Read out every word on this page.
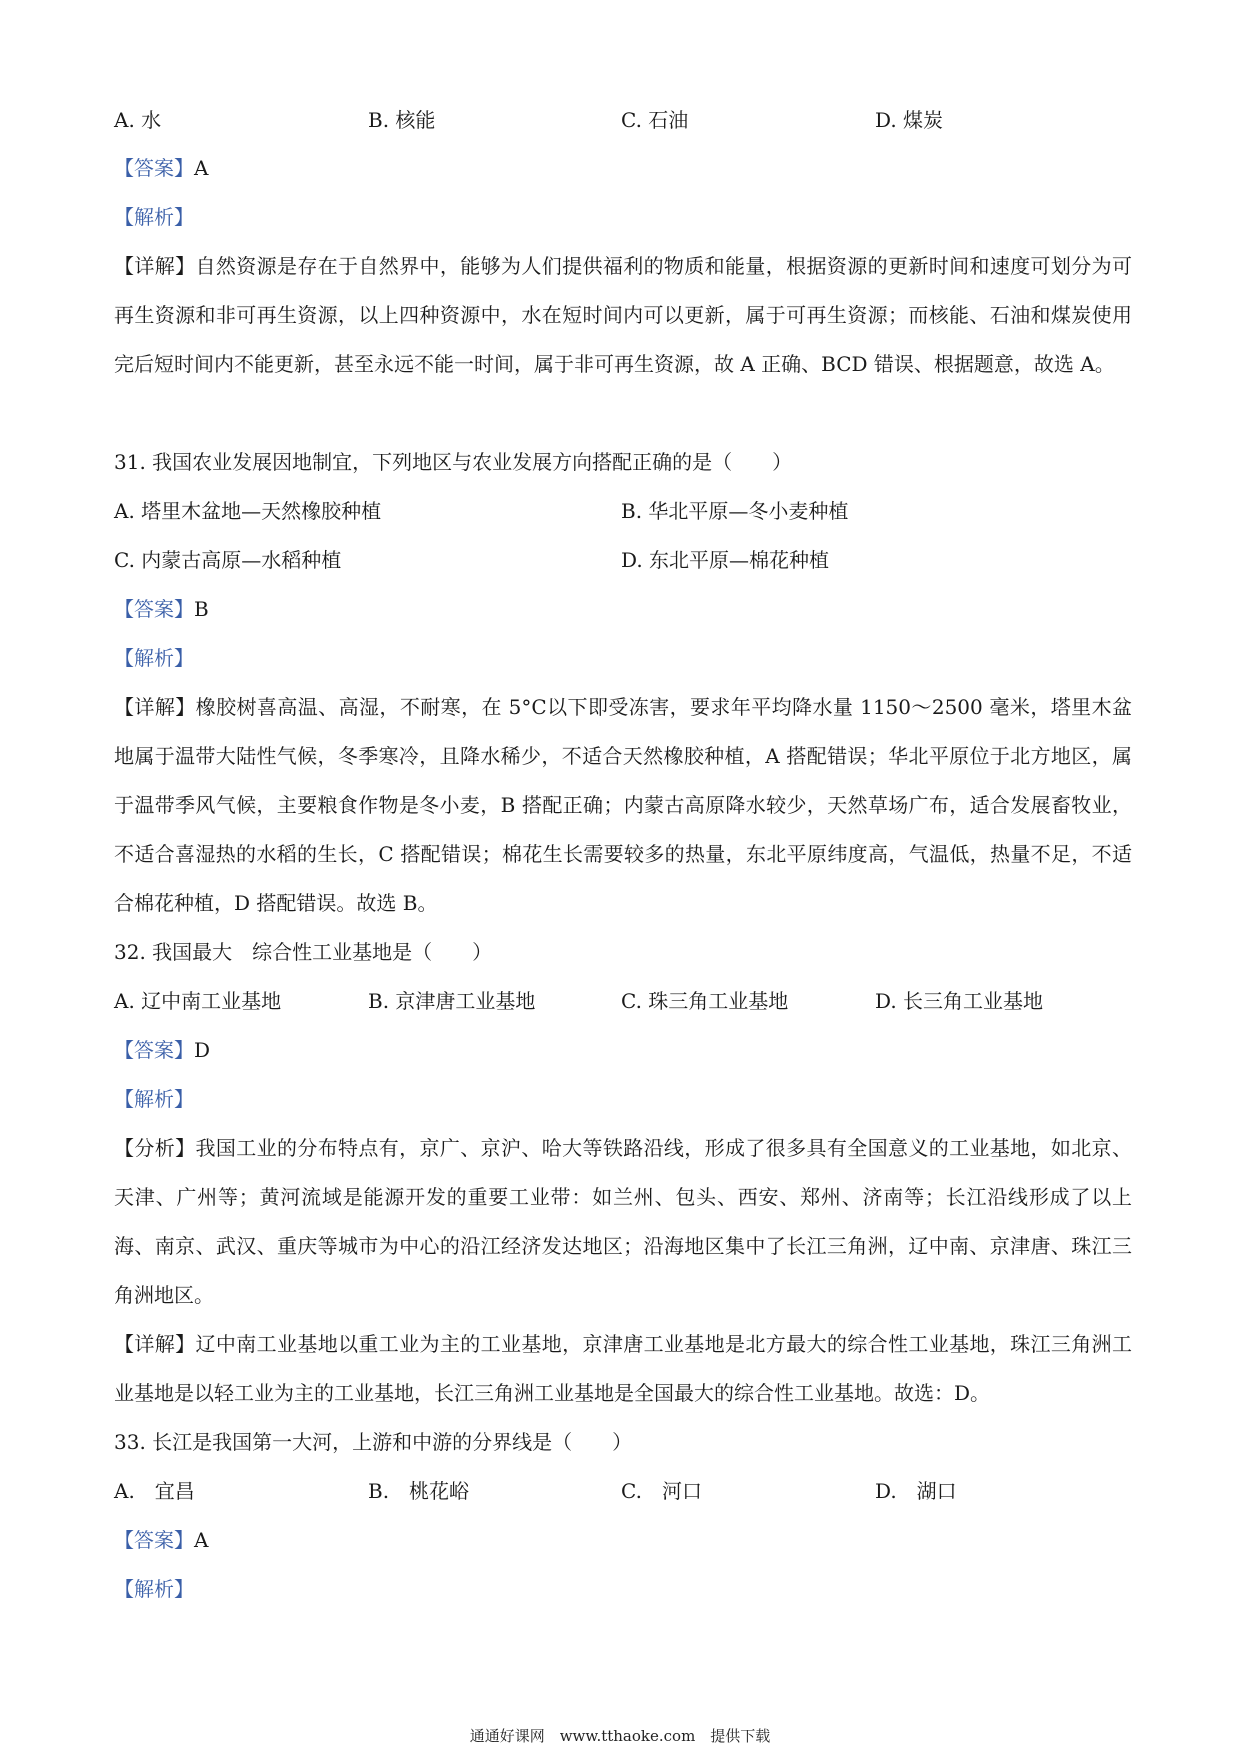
A. 水	B. 核能	C. 石油	D. 煤炭
【答案】A
【解析】
【详解】自然资源是存在于自然界中，能够为人们提供福利的物质和能量，根据资源的更新时间和速度可划分为可再生资源和非可再生资源，以上四种资源中，水在短时间内可以更新，属于可再生资源；而核能、石油和煤炭使用完后短时间内不能更新，甚至永远不能一时间，属于非可再生资源，故 A 正确、BCD 错误、根据题意，故选 A。
31. 我国农业发展因地制宜，下列地区与农业发展方向搭配正确的是（　　）
A. 塔里木盆地—天然橡胶种植	B. 华北平原—冬小麦种植
C. 内蒙古高原—水稻种植	D. 东北平原—棉花种植
【答案】B
【解析】
【详解】橡胶树喜高温、高湿，不耐寒，在 5°C以下即受冻害，要求年平均降水量 1150～2500 毫米，塔里木盆地属于温带大陆性气候，冬季寒冷，且降水稀少，不适合天然橡胶种植，A 搭配错误；华北平原位于北方地区，属于温带季风气候，主要粮食作物是冬小麦，B 搭配正确；内蒙古高原降水较少，天然草场广布，适合发展畜牧业，不适合喜湿热的水稻的生长，C 搭配错误；棉花生长需要较多的热量，东北平原纬度高，气温低，热量不足，不适合棉花种植，D 搭配错误。故选 B。
32. 我国最大　综合性工业基地是（　　）
A. 辽中南工业基地	B. 京津唐工业基地	C. 珠三角工业基地	D. 长三角工业基地
【答案】D
【解析】
【分析】我国工业的分布特点有，京广、京沪、哈大等铁路沿线，形成了很多具有全国意义的工业基地，如北京、天津、广州等；黄河流域是能源开发的重要工业带：如兰州、包头、西安、郑州、济南等；长江沿线形成了以上海、南京、武汉、重庆等城市为中心的沿江经济发达地区；沿海地区集中了长江三角洲，辽中南、京津唐、珠江三角洲地区。
【详解】辽中南工业基地以重工业为主的工业基地，京津唐工业基地是北方最大的综合性工业基地，珠江三角洲工业基地是以轻工业为主的工业基地，长江三角洲工业基地是全国最大的综合性工业基地。故选：D。
33. 长江是我国第一大河，上游和中游的分界线是（　　）
A.　宜昌	B.　桃花峪	C.　河口	D.　湖口
【答案】A
【解析】
通通好课网　www.tthaoke.com　提供下载
